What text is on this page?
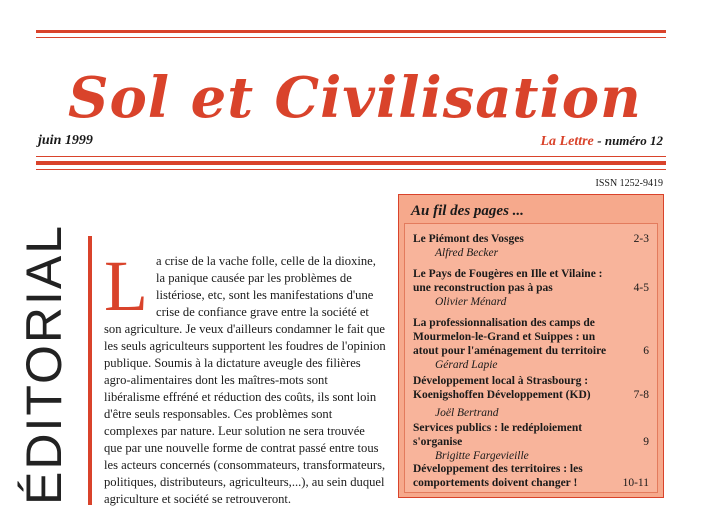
Sol et Civilisation
juin 1999	La Lettre - numéro 12
ISSN 1252-9419
ÉDITORIAL L a crise de la vache folle, celle de la dioxine, la panique causée par les problèmes de listériose, etc, sont les manifestations d'une crise de confiance grave entre la société et son agriculture. Je veux d'ailleurs condamner le fait que les seuls agriculteurs supportent les foudres de l'opinion publique. Soumis à la dictature aveugle des filières agro-alimentaires dont les maîtres-mots sont libéralisme effréné et réduction des coûts, ils sont loin d'être seuls responsables. Ces problèmes sont complexes par nature. Leur solution ne sera trouvée que par une nouvelle forme de contrat passé entre tous les acteurs concernés (consommateurs, transformateurs, politiques, distributeurs, agriculteurs,...), au sein duquel agriculture et société se retrouveront.
Au fil des pages ...
Le Piémont des Vosges
Alfred Becker
2-3
Le Pays de Fougères en Ille et Vilaine : une reconstruction pas à pas
Olivier Ménard
4-5
La professionnalisation des camps de Mourmelon-le-Grand et Suippes : un atout pour l'aménagement du territoire
Gérard Lapie
6
Développement local à Strasbourg : Koenigshoffen Développement (KD)
Joël Bertrand
7-8
Services publics : le redéploiement s'organise
Brigitte Fargevieille
9
Développement des territoires : les comportements doivent changer !	10-11
